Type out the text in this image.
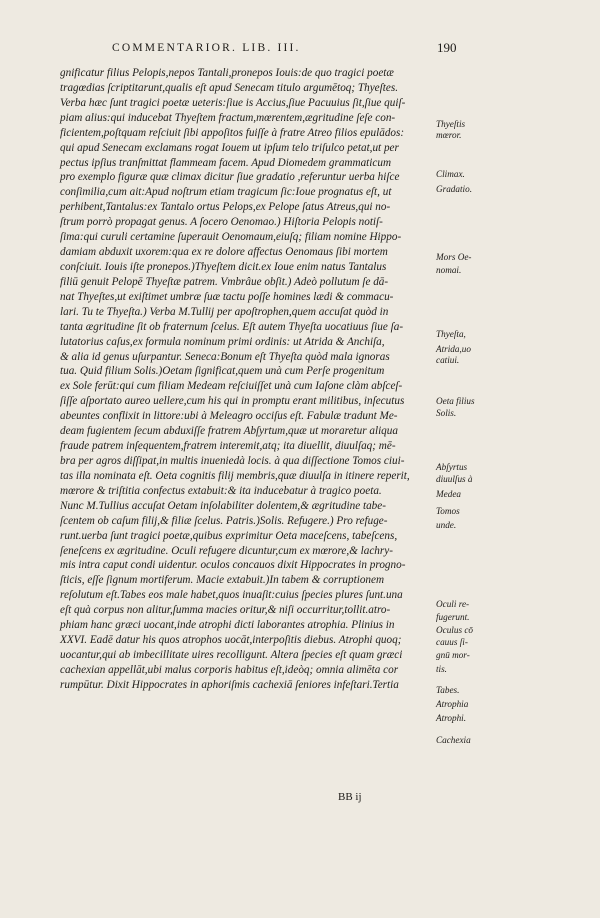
COMMENTARIOR. LIB. III.	190
gnificatur filius Pelopis,nepos Tantali,pronepos Iouis:de quo tragici poetæ
tragœdias ſcriptitarunt,qualis eſt apud Senecam titulo argumētoq; Thyeſtes.
Verba hæc ſunt tragici poetæ ueteris:ſiue is Accius,ſiue Pacuuius ſit,ſiue quiſ-
piam alius:qui inducebat Thyeſtem fractum,mœrentem,ægritudine ſeſe con-
ficientem,poſtquam reſciuit ſibi appoſitos fuiſſe à fratre Atreo filios epulādos:
qui apud Senecam exclamans rogat Iouem ut ipſum telo triſulco petat,ut per
pectus ipſius tranſmittat flammeam facem. Apud Diomedem grammaticum
pro exemplo figuræ quæ climax dicitur ſiue gradatio ,referuntur uerba hiſce
conſimilia,cum ait:Apud noſtrum etiam tragicum ſic:Ioue prognatus eſt, ut
perhibent,Tantalus:ex Tantalo ortus Pelops,ex Pelope ſatus Atreus,qui no-
ſtrum porrò propagat genus. A ſocero Oenomao.) Hiſtoria Pelopis notiſ-
ſima:qui curuli certamine ſuperauit Oenomaum,eiuſq; filiam nomine Hippo-
damiam abduxit uxorem:qua ex re dolore affectus Oenomaus ſibi mortem
conſciuit. Iouis iſte pronepos.)Thyeſtem dicit.ex Ioue enim natus Tantalus
filiū genuit Pelopē Thyeſtæ patrem. Vmbrâue obſit.) Adeò pollutum ſe dā-
nat Thyeſtes,ut exiſtimet umbræ ſuæ tactu poſſe homines lædi & commacu-
lari. Tu te Thyeſta.) Verba M.Tullij per apoſtrophen,quem accuſat quòd in
tanta ægritudine ſit ob fraternum ſcelus. Eſt autem Thyeſta uocatiuus ſiue ſa-
lutatorius caſus,ex formula nominum primi ordinis: ut Atrida & Anchiſa,
& alia id genus uſurpantur. Seneca:Bonum eſt Thyeſta quòd mala ignoras
tua. Quid filium Solis.)Oetam ſignificat,quem unà cum Perſe progenitum
ex Sole ferūt:qui cum filiam Medeam reſciuiſſet unà cum Iaſone clàm abſceſ-
ſiſſe aſportato aureo uellere,cum his qui in promptu erant militibus, inſecutus
abeuntes conflixit in littore:ubi à Meleagro occiſus eſt. Fabulæ tradunt Me-
deam fugientem ſecum abduxiſſe fratrem Abſyrtum,quæ ut moraretur aliqua
fraude patrem inſequentem,fratrem interemit,atq; ita diuellit, diuulſaq; mē-
bra per agros diſſipat,in multis inueniedà locis. à qua diſſectione Tomos ciui-
tas illa nominata eſt. Oeta cognitis filij membris,quæ diuulſa in itinere reperit,
mœrore & triſtitia confectus extabuit:& ita inducebatur à tragico poeta.
Nunc M.Tullius accuſat Oetam inſolabiliter dolentem,& ægritudine tabe-
ſcentem ob caſum filij,& filiæ ſcelus. Patris.)Solis. Refugere.) Pro refuge-
runt.uerba ſunt tragici poetæ,quibus exprimitur Oeta maceſcens, tabeſcens,
ſeneſcens ex ægritudine. Oculi refugere dicuntur,cum ex mœrore,& lachry-
mis intra caput condi uidentur. oculos concauos dixit Hippocrates in progno-
ſticis, eſſe ſignum mortiferum. Macie extabuit.)In tabem & corruptionem
reſolutum eſt.Tabes eos male habet,quos inuaſit:cuius ſpecies plures ſunt.una
eſt quà corpus non alitur,ſumma macies oritur,& niſi occurritur,tollit.atro-
phiam hanc græci uocant,inde atrophi dicti laborantes atrophia. Plinius in
XXVI. Eadē datur his quos atrophos uocāt,interpoſitis diebus. Atrophi quoq;
uocantur,qui ab imbecillitate uires recolligunt. Altera ſpecies eſt quam græci
cachexian appellāt,ubi malus corporis habitus eſt,ideòq; omnia alimēta cor
rumpūtur. Dixit Hippocrates in aphoriſmis cachexiā ſeniores infeſtari.Tertia
Thyeſtis
mœror.
Climax.
Gradatio.
Mors Oe-
nomai.
Thyeſta,
Atrida,uo
catiui.
Oeta filius
Solis.
Abſyrtus
diuulſus à
Medea
Tomos
unde.
Oculi re-
fugerunt.
Oculus cō
cauus ſi-
gnū mor-
tis.
Tabes.
Atrophia
Atrophi.
Cachexia
BB ij
